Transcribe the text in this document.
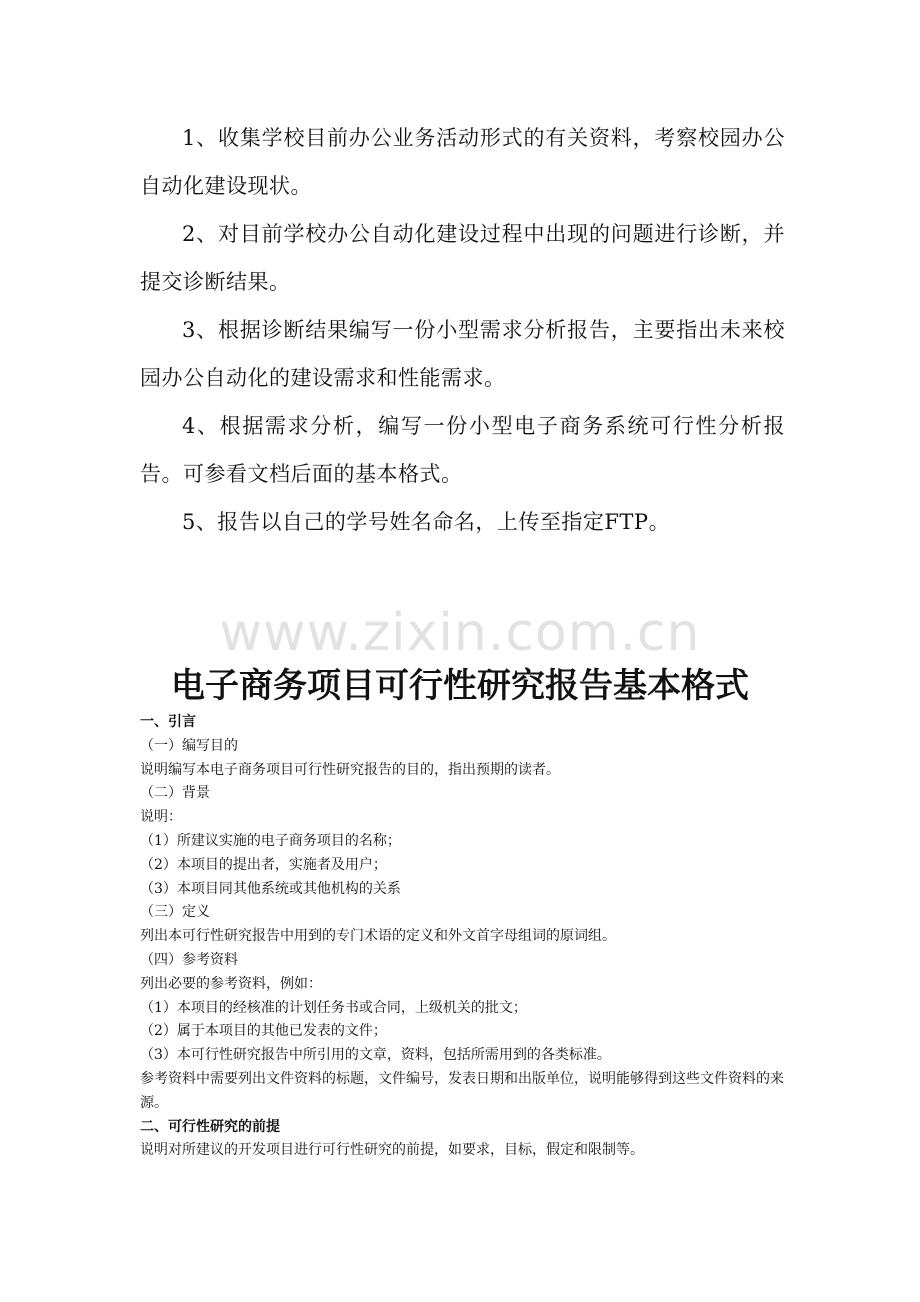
1、收集学校目前办公业务活动形式的有关资料，考察校园办公自动化建设现状。

2、对目前学校办公自动化建设过程中出现的问题进行诊断，并提交诊断结果。

3、根据诊断结果编写一份小型需求分析报告，主要指出未来校园办公自动化的建设需求和性能需求。

4、根据需求分析，编写一份小型电子商务系统可行性分析报告。可参看文档后面的基本格式。

5、报告以自己的学号姓名命名，上传至指定FTP。

www.zixin.com.cn
电子商务项目可行性研究报告基本格式

一、引言

（一）编写目的

说明编写本电子商务项目可行性研究报告的目的，指出预期的读者。

（二）背景

说明：

（1）所建议实施的电子商务项目的名称；

（2）本项目的提出者，实施者及用户；

（3）本项目同其他系统或其他机构的关系

（三）定义

列出本可行性研究报告中用到的专门术语的定义和外文首字母组词的原词组。

（四）参考资料

列出必要的参考资料，例如：

（1）本项目的经核准的计划任务书或合同，上级机关的批文；

（2）属于本项目的其他已发表的文件；

（3）本可行性研究报告中所引用的文章，资料，包括所需用到的各类标准。

参考资料中需要列出文件资料的标题，文件编号，发表日期和出版单位，说明能够得到这些文件资料的来源。

二、可行性研究的前提

说明对所建议的开发项目进行可行性研究的前提，如要求，目标，假定和限制等。
